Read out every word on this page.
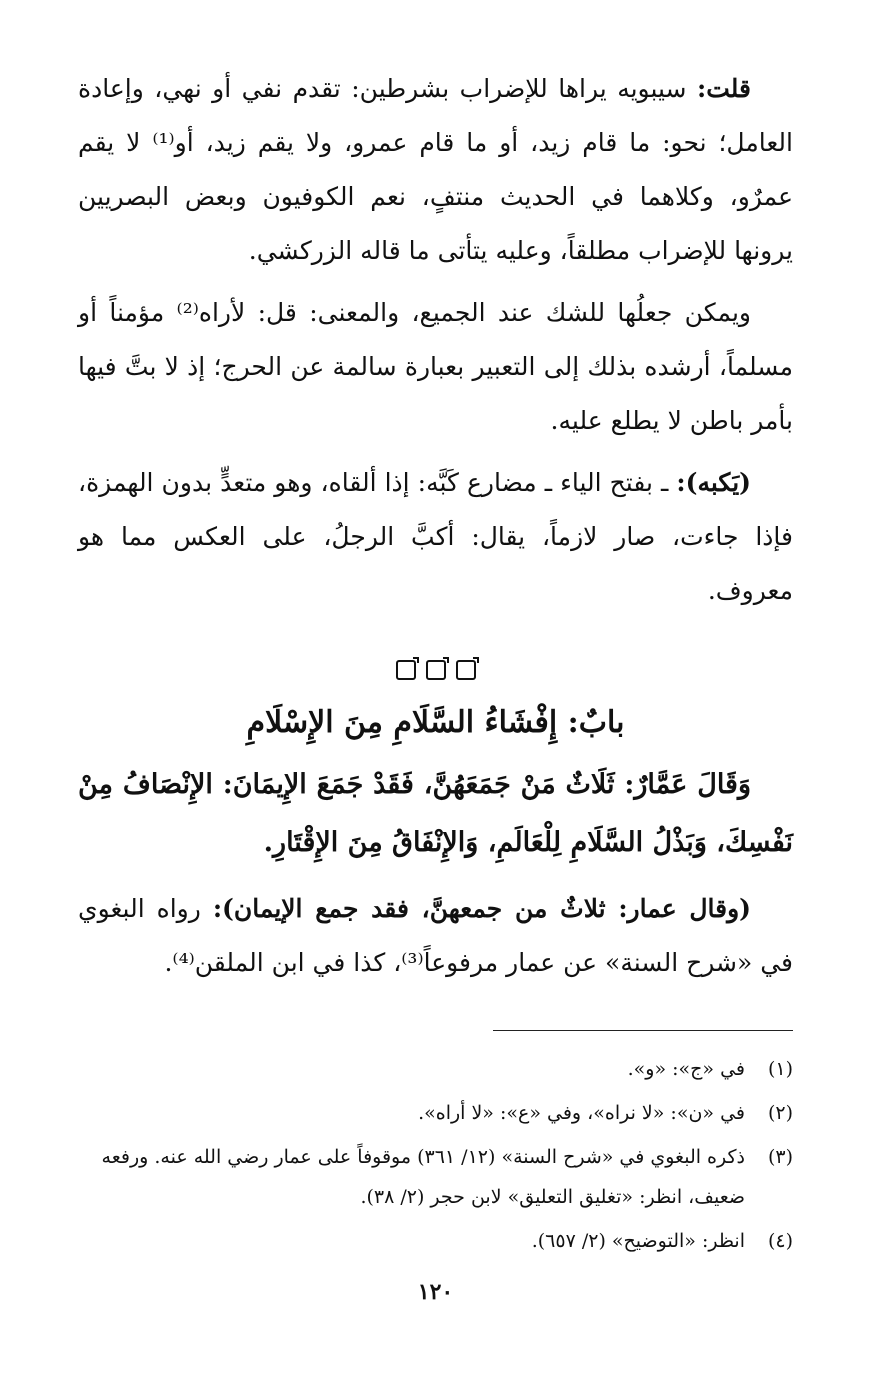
قلت: سيبويه يراها للإضراب بشرطين: تقدم نفي أو نهي، وإعادة العامل؛ نحو: ما قام زيد، أو ما قام عمرو، ولا يقم زيد، أو⁽¹⁾ لا يقم عمرٌو، وكلاهما في الحديث منتفٍ، نعم الكوفيون وبعض البصريين يرونها للإضراب مطلقاً، وعليه يتأتى ما قاله الزركشي.

ويمكن جعلُها للشك عند الجميع، والمعنى: قل: لأراه⁽²⁾ مؤمناً أو مسلماً، أرشده بذلك إلى التعبير بعبارة سالمة عن الحرج؛ إذ لا بتَّ فيها بأمر باطن لا يطلع عليه.

(يَكبه): ـ بفتح الياء ـ مضارع كَبَّه: إذا ألقاه، وهو متعدٍّ بدون الهمزة، فإذا جاءت، صار لازماً، يقال: أكبَّ الرجلُ، على العكس مما هو معروف.

بابٌ: إِفْشَاءُ السَّلَامِ مِنَ الإِسْلَامِ

وَقَالَ عَمَّارٌ: ثَلَاثٌ مَنْ جَمَعَهُنَّ، فَقَدْ جَمَعَ الإِيمَانَ: الإِنْصَافُ مِنْ نَفْسِكَ، وَبَذْلُ السَّلَامِ لِلْعَالَمِ، وَالإِنْفَاقُ مِنَ الإِقْتَارِ.

(وقال عمار: ثلاثٌ من جمعهنَّ، فقد جمع الإيمان): رواه البغوي في «شرح السنة» عن عمار مرفوعاً⁽³⁾، كذا في ابن الملقن⁽⁴⁾.

(١)
في «ج»: «و».

(٢)
في «ن»: «لا نراه»، وفي «ع»: «لا أراه».

(٣)
ذكره البغوي في «شرح السنة» (١٢/ ٣٦١) موقوفاً على عمار رضي الله عنه. ورفعه ضعيف، انظر: «تغليق التعليق» لابن حجر (٢/ ٣٨).

(٤)
انظر: «التوضيح» (٢/ ٦٥٧).

١٢٠
